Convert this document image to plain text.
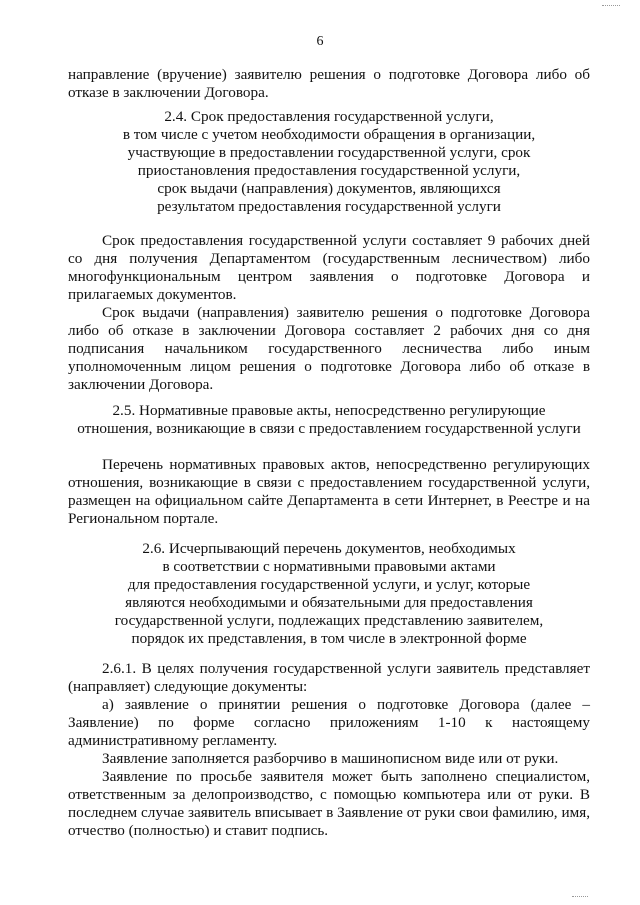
6

направление (вручение) заявителю решения о подготовке Договора либо об отказе в заключении Договора.

2.4. Срок предоставления государственной услуги,
в том числе с учетом необходимости обращения в организации,
участвующие в предоставлении государственной услуги, срок
приостановления предоставления государственной услуги,
срок выдачи (направления) документов, являющихся
результатом предоставления государственной услуги

Срок предоставления государственной услуги составляет 9 рабочих дней со дня получения Департаментом (государственным лесничеством) либо многофункциональным центром заявления о подготовке Договора и прилагаемых документов.

Срок выдачи (направления) заявителю решения о подготовке Договора либо об отказе в заключении Договора составляет 2 рабочих дня со дня подписания начальником государственного лесничества либо иным уполномоченным лицом решения о подготовке Договора либо об отказе в заключении Договора.

2.5. Нормативные правовые акты, непосредственно регулирующие
отношения, возникающие в связи с предоставлением государственной услуги

Перечень нормативных правовых актов, непосредственно регулирующих отношения, возникающие в связи с предоставлением государственной услуги, размещен на официальном сайте Департамента в сети Интернет, в Реестре и на Региональном портале.

2.6. Исчерпывающий перечень документов, необходимых
в соответствии с нормативными правовыми актами
для предоставления государственной услуги, и услуг, которые
являются необходимыми и обязательными для предоставления
государственной услуги, подлежащих представлению заявителем,
порядок их представления, в том числе в электронной форме

2.6.1. В целях получения государственной услуги заявитель представляет (направляет) следующие документы:

а) заявление о принятии решения о подготовке Договора (далее – Заявление) по форме согласно приложениям 1-10 к настоящему административному регламенту.

Заявление заполняется разборчиво в машинописном виде или от руки.

Заявление по просьбе заявителя может быть заполнено специалистом, ответственным за делопроизводство, с помощью компьютера или от руки. В последнем случае заявитель вписывает в Заявление от руки свои фамилию, имя, отчество (полностью) и ставит подпись.
